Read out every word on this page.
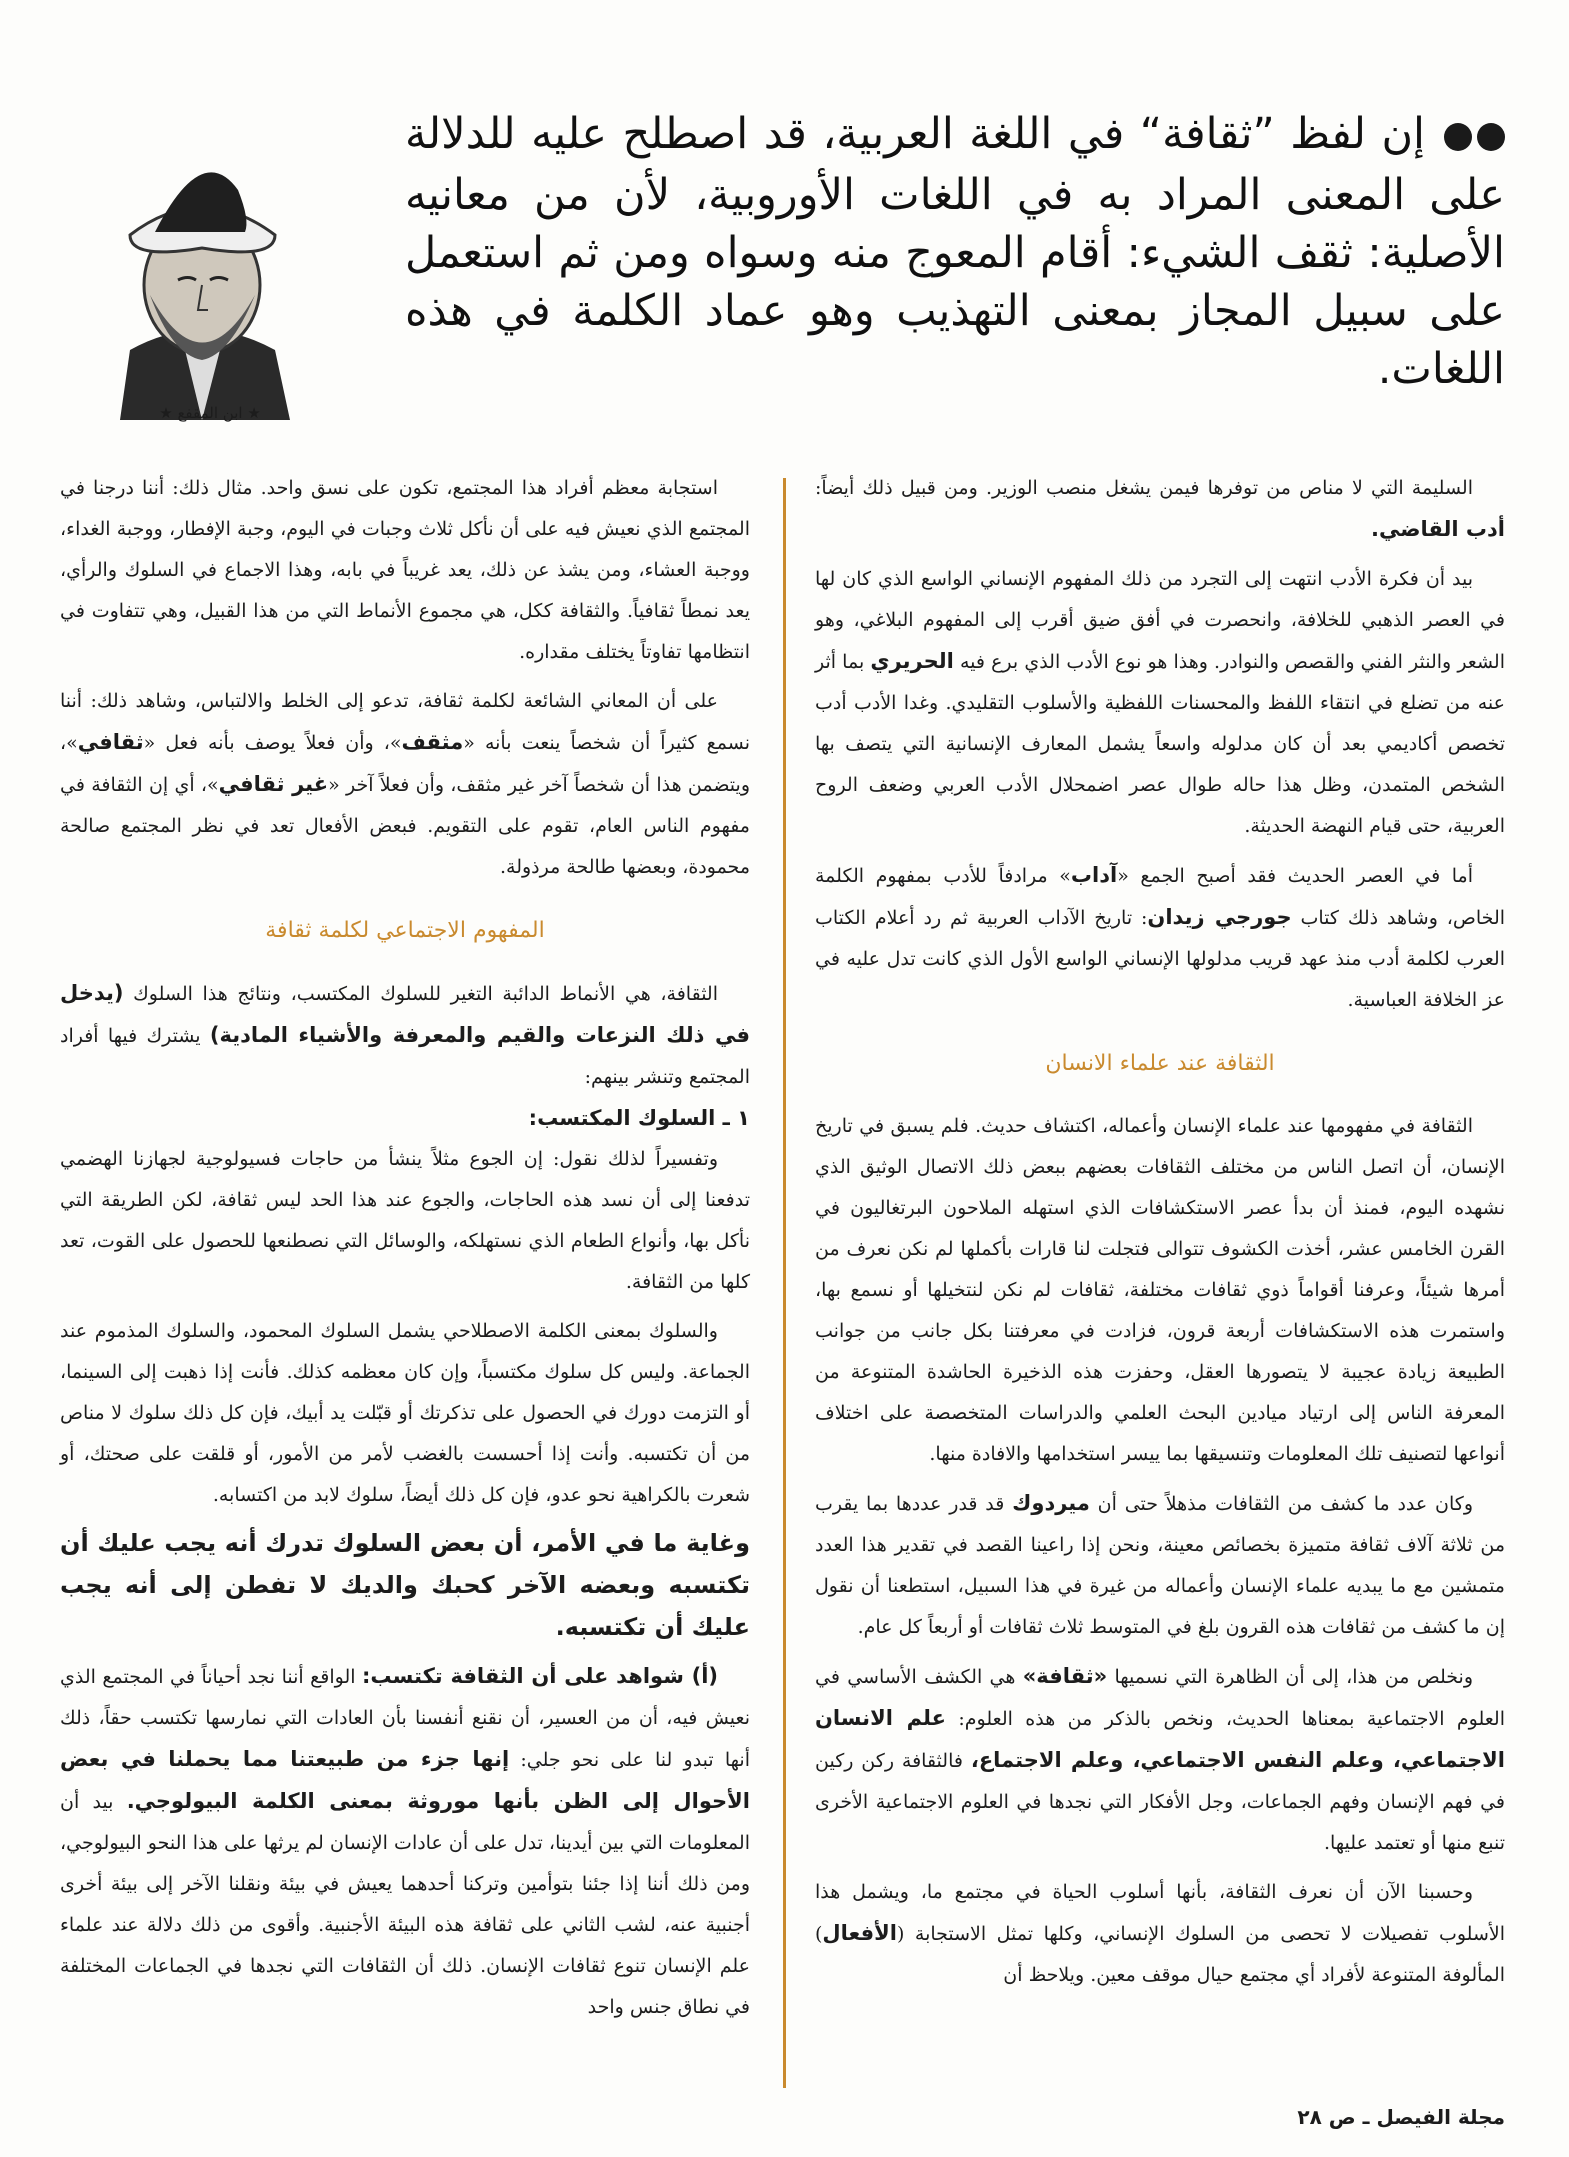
إن لفظ ”ثقافة“ في اللغة العربية، قد اصطلح عليه للدلالة على المعنى المراد به في اللغات الأوروبية، لأن من معانيه الأصلية: ثقف الشيء: أقام المعوج منه وسواه ومن ثم استعمل على سبيل المجاز بمعنى التهذيب وهو عماد الكلمة في هذه اللغات.
★ ابن المقفع ★

السليمة التي لا مناص من توفرها فيمن يشغل منصب الوزير. ومن قبيل ذلك أيضاً: أدب القاضي.

بيد أن فكرة الأدب انتهت إلى التجرد من ذلك المفهوم الإنساني الواسع الذي كان لها في العصر الذهبي للخلافة، وانحصرت في أفق ضيق أقرب إلى المفهوم البلاغي، وهو الشعر والنثر الفني والقصص والنوادر. وهذا هو نوع الأدب الذي برع فيه الحريري بما أثر عنه من تضلع في انتقاء اللفظ والمحسنات اللفظية والأسلوب التقليدي. وغدا الأدب أدب تخصص أكاديمي بعد أن كان مدلوله واسعاً يشمل المعارف الإنسانية التي يتصف بها الشخص المتمدن، وظل هذا حاله طوال عصر اضمحلال الأدب العربي وضعف الروح العربية، حتى قيام النهضة الحديثة.

أما في العصر الحديث فقد أصبح الجمع «آداب» مرادفاً للأدب بمفهوم الكلمة الخاص، وشاهد ذلك كتاب جورجي زيدان: تاريخ الآداب العربية ثم رد أعلام الكتاب العرب لكلمة أدب منذ عهد قريب مدلولها الإنساني الواسع الأول الذي كانت تدل عليه في عز الخلافة العباسية.

الثقافة عند علماء الانسان

الثقافة في مفهومها عند علماء الإنسان وأعماله، اكتشاف حديث. فلم يسبق في تاريخ الإنسان، أن اتصل الناس من مختلف الثقافات بعضهم ببعض ذلك الاتصال الوثيق الذي نشهده اليوم، فمنذ أن بدأ عصر الاستكشافات الذي استهله الملاحون البرتغاليون في القرن الخامس عشر، أخذت الكشوف تتوالى فتجلت لنا قارات بأكملها لم نكن نعرف من أمرها شيئاً، وعرفنا أقواماً ذوي ثقافات مختلفة، ثقافات لم نكن لنتخيلها أو نسمع بها، واستمرت هذه الاستكشافات أربعة قرون، فزادت في معرفتنا بكل جانب من جوانب الطبيعة زيادة عجيبة لا يتصورها العقل، وحفزت هذه الذخيرة الحاشدة المتنوعة من المعرفة الناس إلى ارتياد ميادين البحث العلمي والدراسات المتخصصة على اختلاف أنواعها لتصنيف تلك المعلومات وتنسيقها بما ييسر استخدامها والافادة منها.

وكان عدد ما كشف من الثقافات مذهلاً حتى أن ميردوك قد قدر عددها بما يقرب من ثلاثة آلاف ثقافة متميزة بخصائص معينة، ونحن إذا راعينا القصد في تقدير هذا العدد متمشين مع ما يبديه علماء الإنسان وأعماله من غيرة في هذا السبيل، استطعنا أن نقول إن ما كشف من ثقافات هذه القرون بلغ في المتوسط ثلاث ثقافات أو أربعاً كل عام.

ونخلص من هذا، إلى أن الظاهرة التي نسميها «ثقافة» هي الكشف الأساسي في العلوم الاجتماعية بمعناها الحديث، ونخص بالذكر من هذه العلوم: علم الانسان الاجتماعي، وعلم النفس الاجتماعي، وعلم الاجتماع، فالثقافة ركن ركين في فهم الإنسان وفهم الجماعات، وجل الأفكار التي نجدها في العلوم الاجتماعية الأخرى تنبع منها أو تعتمد عليها.

وحسبنا الآن أن نعرف الثقافة، بأنها أسلوب الحياة في مجتمع ما، ويشمل هذا الأسلوب تفصيلات لا تحصى من السلوك الإنساني، وكلها تمثل الاستجابة (الأفعال) المألوفة المتنوعة لأفراد أي مجتمع حيال موقف معين. ويلاحظ أن

استجابة معظم أفراد هذا المجتمع، تكون على نسق واحد. مثال ذلك: أننا درجنا في المجتمع الذي نعيش فيه على أن نأكل ثلاث وجبات في اليوم، وجبة الإفطار، ووجبة الغداء، ووجبة العشاء، ومن يشذ عن ذلك، يعد غريباً في بابه، وهذا الاجماع في السلوك والرأي، يعد نمطاً ثقافياً. والثقافة ككل، هي مجموع الأنماط التي من هذا القبيل، وهي تتفاوت في انتظامها تفاوتاً يختلف مقداره.

على أن المعاني الشائعة لكلمة ثقافة، تدعو إلى الخلط والالتباس، وشاهد ذلك: أننا نسمع كثيراً أن شخصاً ينعت بأنه «مثقف»، وأن فعلاً يوصف بأنه فعل «ثقافي»، ويتضمن هذا أن شخصاً آخر غير مثقف، وأن فعلاً آخر «غير ثقافي»، أي إن الثقافة في مفهوم الناس العام، تقوم على التقويم. فبعض الأفعال تعد في نظر المجتمع صالحة محمودة، وبعضها طالحة مرذولة.

المفهوم الاجتماعي لكلمة ثقافة

الثقافة، هي الأنماط الدائبة التغير للسلوك المكتسب، ونتائج هذا السلوك (يدخل في ذلك النزعات والقيم والمعرفة والأشياء المادية) يشترك فيها أفراد المجتمع وتنشر بينهم:

١ ـ السلوك المكتسب:

وتفسيراً لذلك نقول: إن الجوع مثلاً ينشأ من حاجات فسيولوجية لجهازنا الهضمي تدفعنا إلى أن نسد هذه الحاجات، والجوع عند هذا الحد ليس ثقافة، لكن الطريقة التي نأكل بها، وأنواع الطعام الذي نستهلكه، والوسائل التي نصطنعها للحصول على القوت، تعد كلها من الثقافة.

والسلوك بمعنى الكلمة الاصطلاحي يشمل السلوك المحمود، والسلوك المذموم عند الجماعة. وليس كل سلوك مكتسباً، وإن كان معظمه كذلك. فأنت إذا ذهبت إلى السينما، أو التزمت دورك في الحصول على تذكرتك أو قبّلت يد أبيك، فإن كل ذلك سلوك لا مناص من أن تكتسبه. وأنت إذا أحسست بالغضب لأمر من الأمور، أو قلقت على صحتك، أو شعرت بالكراهية نحو عدو، فإن كل ذلك أيضاً، سلوك لابد من اكتسابه.

وغاية ما في الأمر، أن بعض السلوك تدرك أنه يجب عليك أن تكتسبه وبعضه الآخر كحبك والديك لا تفطن إلى أنه يجب عليك أن تكتسبه.

(أ) شواهد على أن الثقافة تكتسب: الواقع أننا نجد أحياناً في المجتمع الذي نعيش فيه، أن من العسير، أن نقنع أنفسنا بأن العادات التي نمارسها تكتسب حقاً، ذلك أنها تبدو لنا على نحو جلي: إنها جزء من طبيعتنا مما يحملنا في بعض الأحوال إلى الظن بأنها موروثة بمعنى الكلمة البيولوجي. بيد أن المعلومات التي بين أيدينا، تدل على أن عادات الإنسان لم يرثها على هذا النحو البيولوجي، ومن ذلك أننا إذا جئنا بتوأمين وتركنا أحدهما يعيش في بيئة ونقلنا الآخر إلى بيئة أخرى أجنبية عنه، لشب الثاني على ثقافة هذه البيئة الأجنبية. وأقوى من ذلك دلالة عند علماء علم الإنسان تنوع ثقافات الإنسان. ذلك أن الثقافات التي نجدها في الجماعات المختلفة في نطاق جنس واحد

مجلة الفيصل ـ ص ٢٨
